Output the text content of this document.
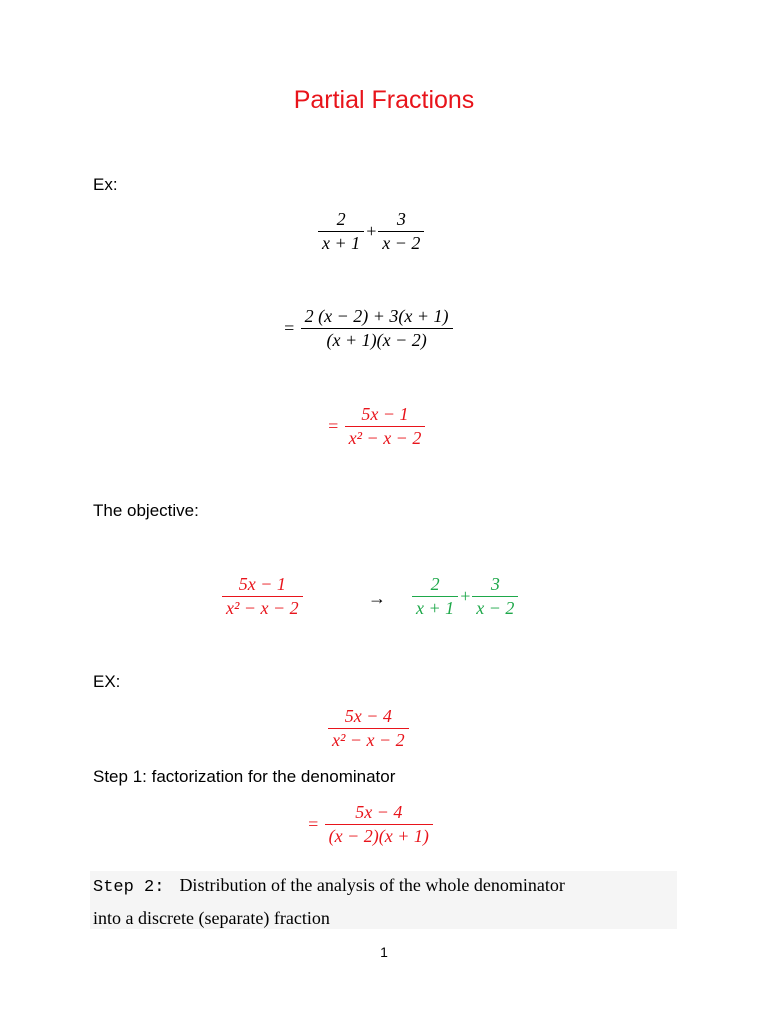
Partial Fractions
Ex:
$\frac{2}{x + 1} + \frac{3}{x - 2}$
= $\frac{2 (x - 2) + 3(x + 1)}{(x + 1)(x - 2)}$
= $\frac{5x - 1}{\text{x² − x − 2}}$
The objective:
$\frac{5x - 1}{\text{x² − x − 2}}$	→ $\frac{2}{x + 1} + \frac{3}{x - 2}$
EX:
$\frac{5x - 4}{\text{x² − x − 2}}$
Step 1: factorization for the denominator
= $\frac{5x - 4}{(x - 2)(x + 1)}$
Step 2: Distribution of the analysis of the whole denominator
into a discrete (separate) fraction
1
